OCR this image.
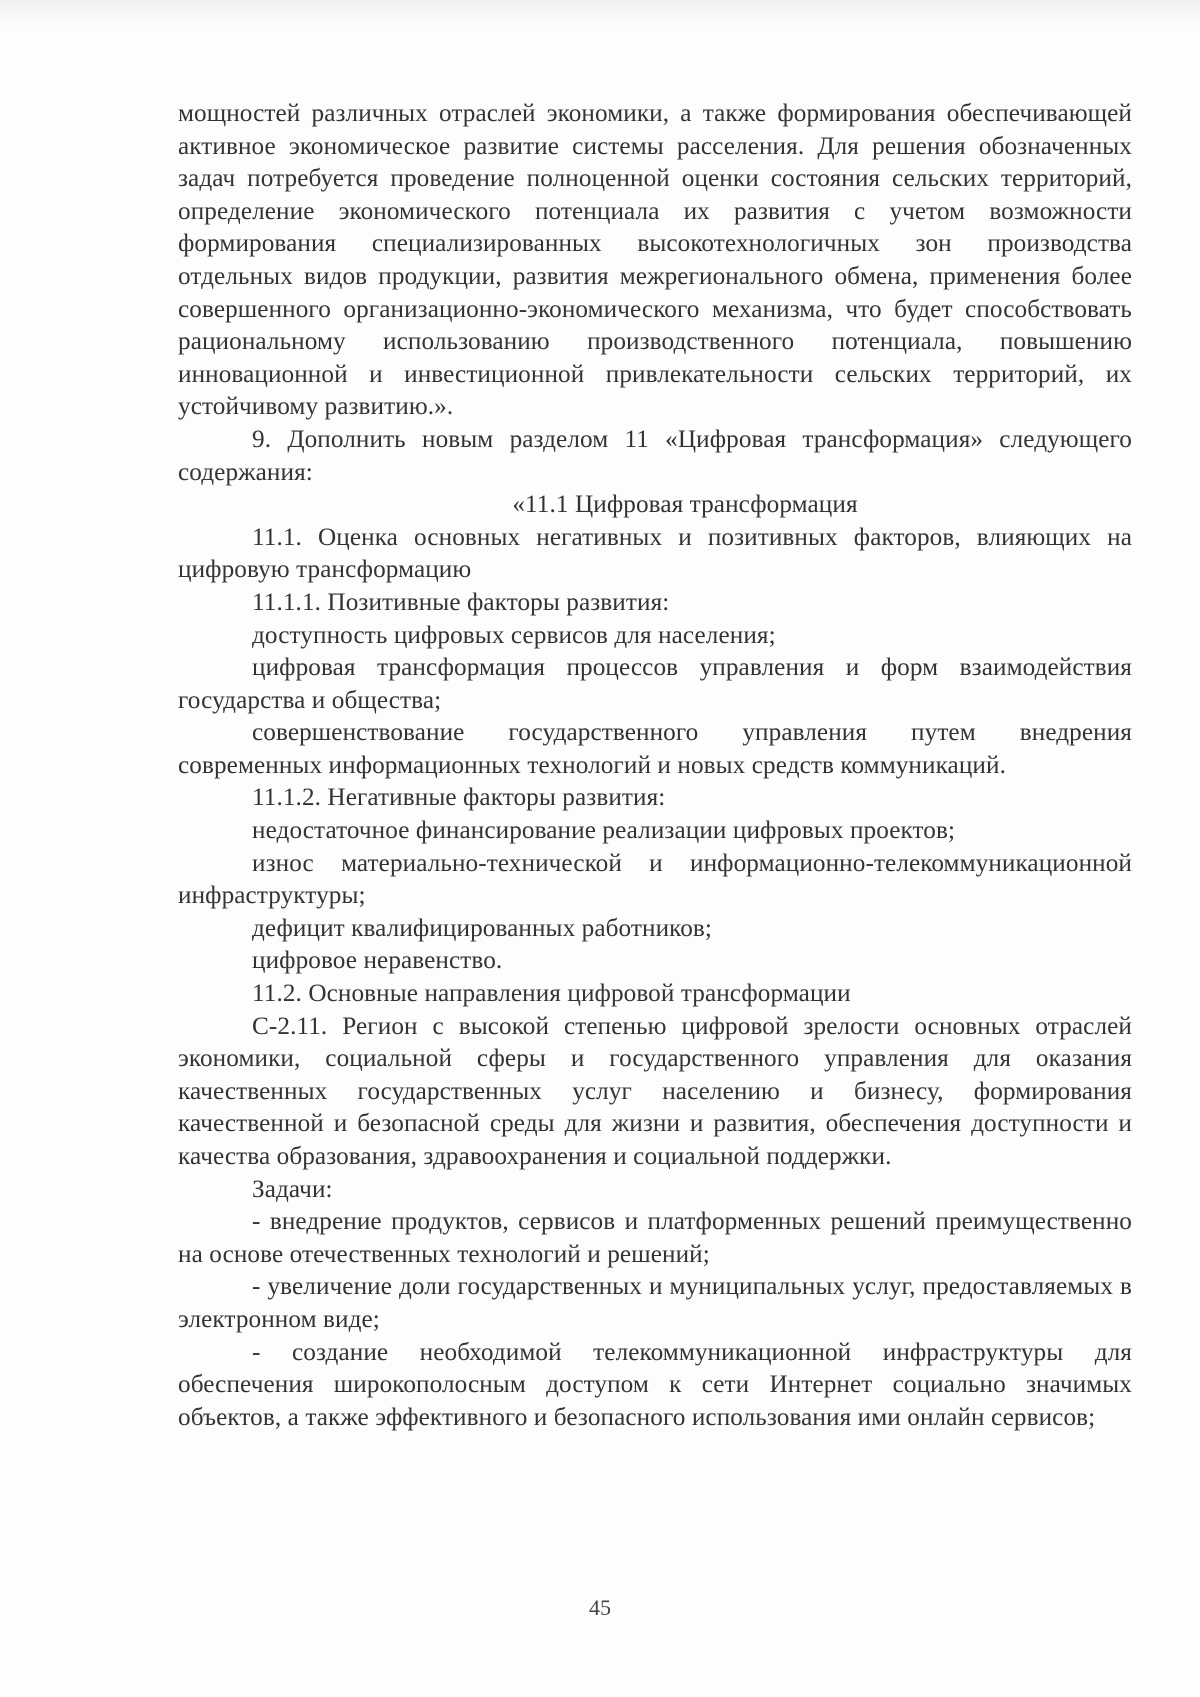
мощностей различных отраслей экономики, а также формирования обеспечивающей активное экономическое развитие системы расселения. Для решения обозначенных задач потребуется проведение полноценной оценки состояния сельских территорий, определение экономического потенциала их развития с учетом возможности формирования специализированных высокотехнологичных зон производства отдельных видов продукции, развития межрегионального обмена, применения более совершенного организационно-экономического механизма, что будет способствовать рациональному использованию производственного потенциала, повышению инновационной и инвестиционной привлекательности сельских территорий, их устойчивому развитию.».

9. Дополнить новым разделом 11 «Цифровая трансформация» следующего содержания:

«11.1 Цифровая трансформация

11.1. Оценка основных негативных и позитивных факторов, влияющих на цифровую трансформацию

11.1.1. Позитивные факторы развития:

доступность цифровых сервисов для населения;

цифровая трансформация процессов управления и форм взаимодействия государства и общества;

совершенствование государственного управления путем внедрения современных информационных технологий и новых средств коммуникаций.

11.1.2. Негативные факторы развития:

недостаточное финансирование реализации цифровых проектов;

износ материально-технической и информационно-телекоммуникационной инфраструктуры;

дефицит квалифицированных работников;

цифровое неравенство.

11.2. Основные направления цифровой трансформации

С-2.11. Регион с высокой степенью цифровой зрелости основных отраслей экономики, социальной сферы и государственного управления для оказания качественных государственных услуг населению и бизнесу, формирования качественной и безопасной среды для жизни и развития, обеспечения доступности и качества образования, здравоохранения и социальной поддержки.

Задачи:

- внедрение продуктов, сервисов и платформенных решений преимущественно на основе отечественных технологий и решений;

- увеличение доли государственных и муниципальных услуг, предоставляемых в электронном виде;

- создание необходимой телекоммуникационной инфраструктуры для обеспечения широкополосным доступом к сети Интернет социально значимых объектов, а также эффективного и безопасного использования ими онлайн сервисов;

45
